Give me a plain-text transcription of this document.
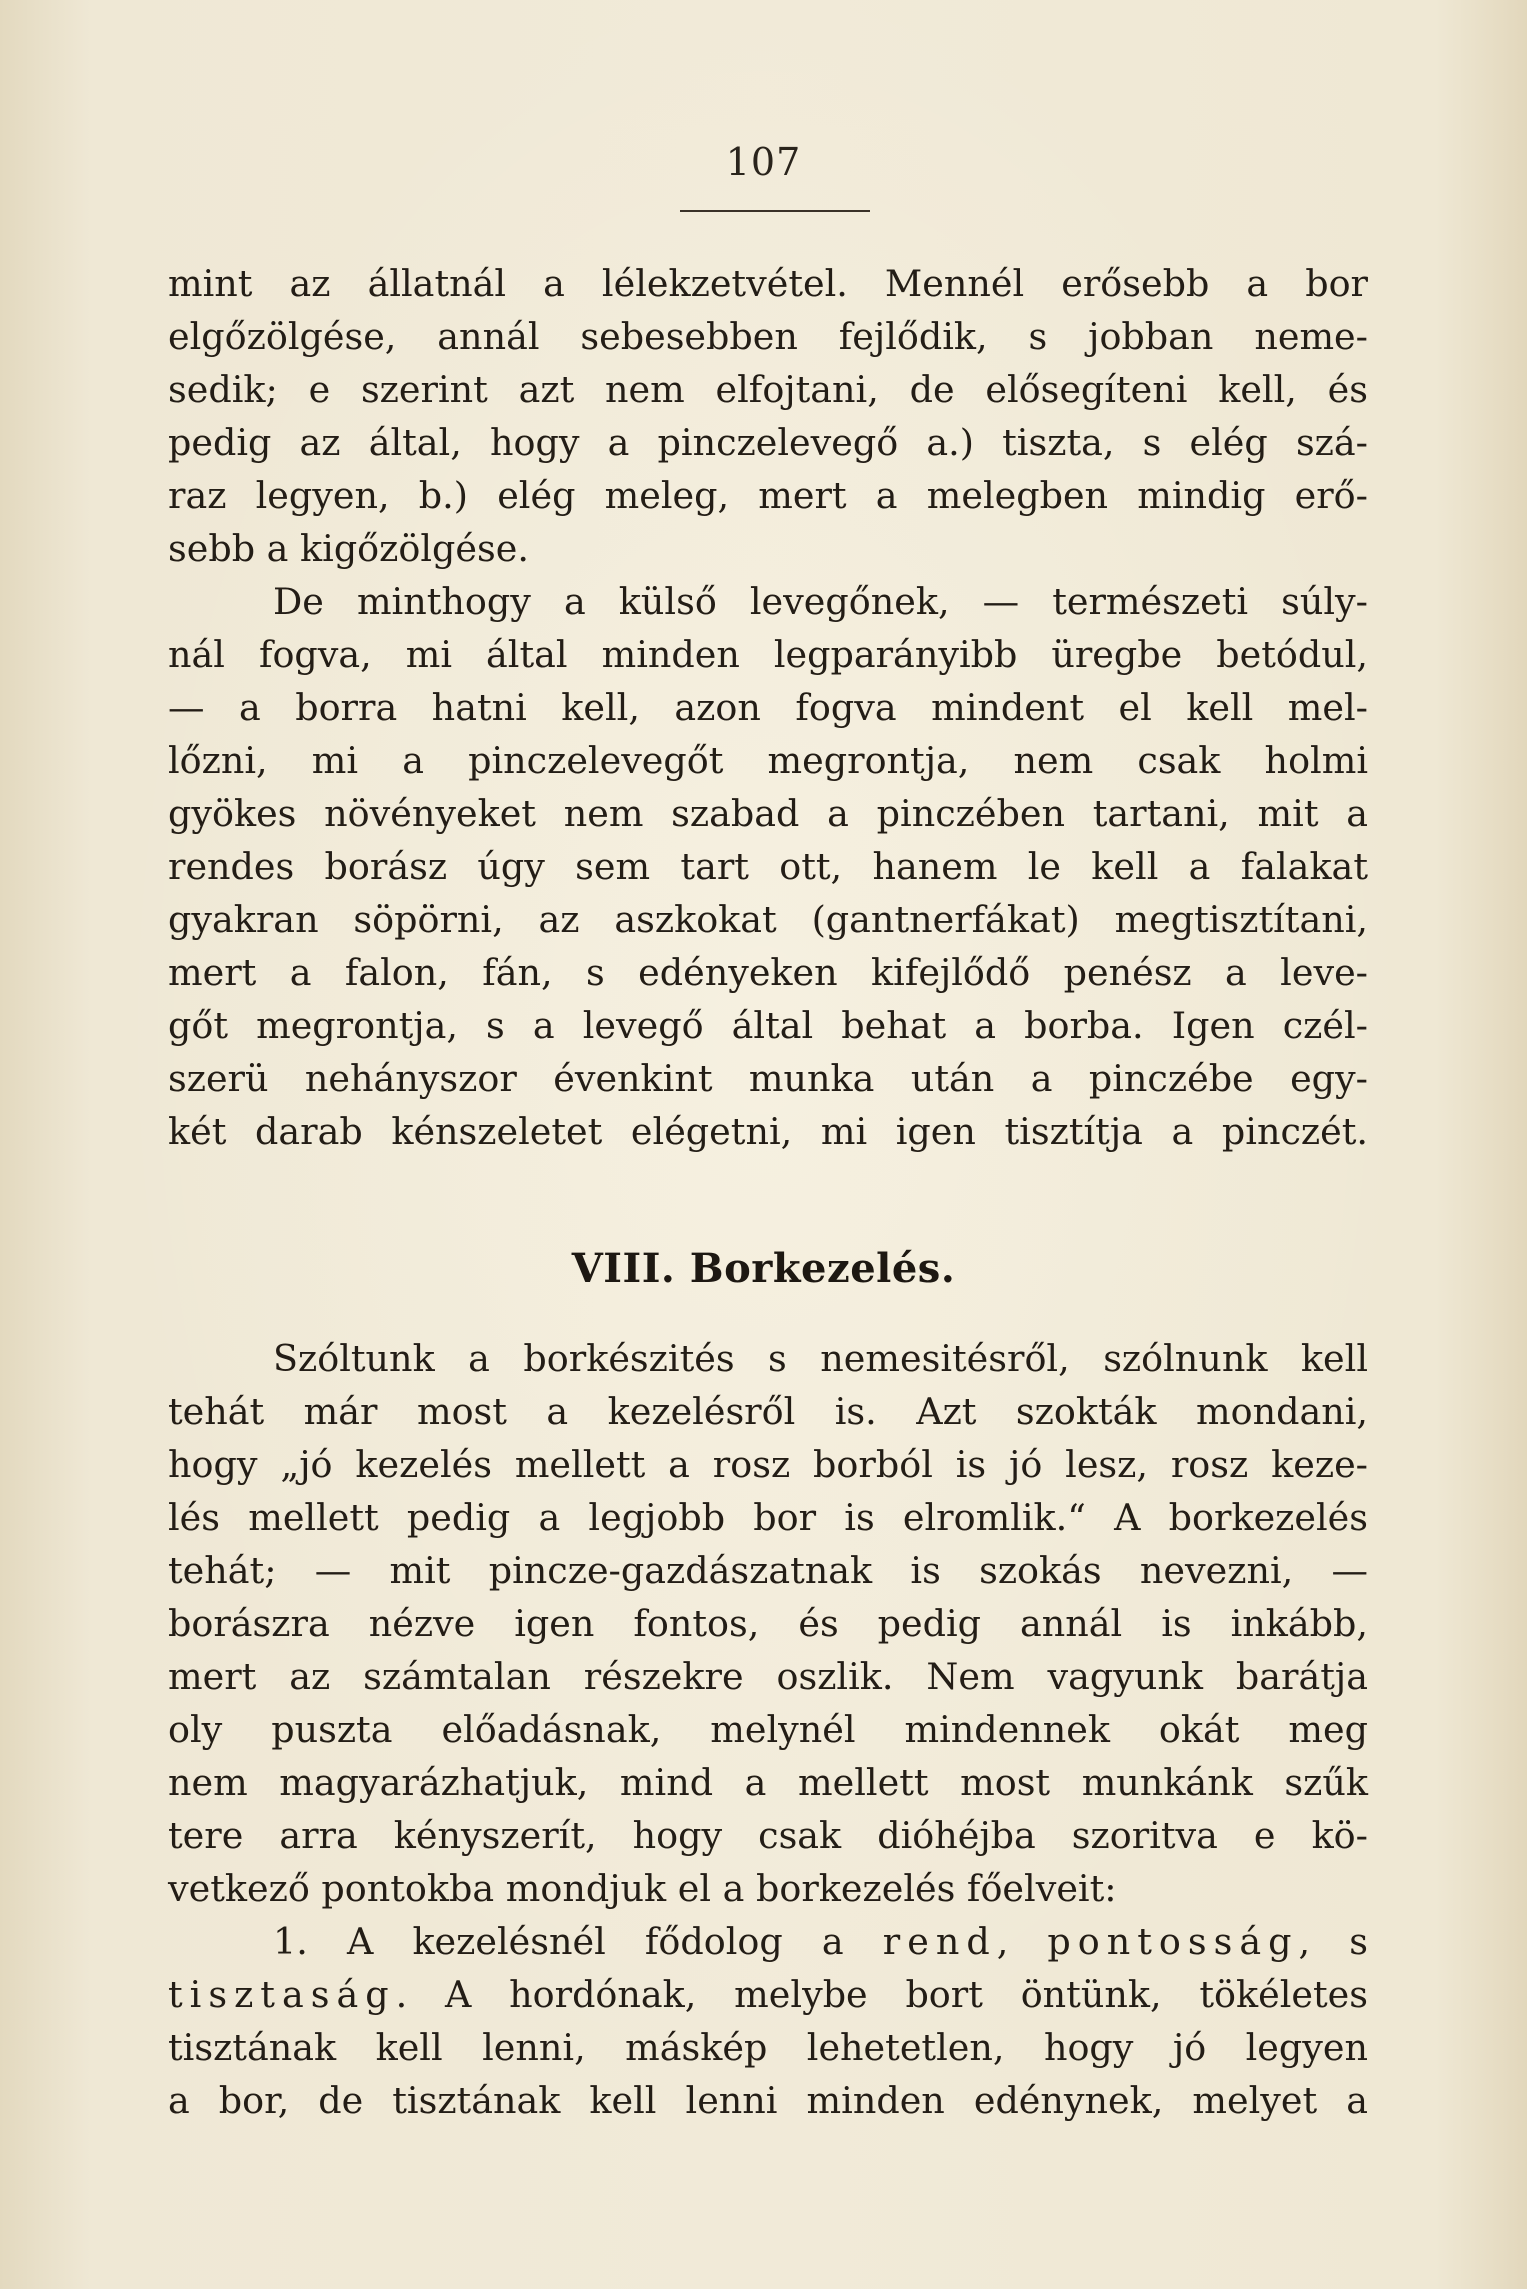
107
mint az állatnál a lélekzetvétel. Mennél erősebb a bor
elgőzölgése, annál sebesebben fejlődik, s jobban neme-
sedik; e szerint azt nem elfojtani, de elősegíteni kell, és
pedig az által, hogy a pinczelevegő a.) tiszta, s elég szá-
raz legyen, b.) elég meleg, mert a melegben mindig erő-
sebb a kigőzölgése.
De minthogy a külső levegőnek, — természeti súly-
nál fogva, mi által minden legparányibb üregbe betódul,
— a borra hatni kell, azon fogva mindent el kell mel-
lőzni, mi a pinczelevegőt megrontja, nem csak holmi
gyökes növényeket nem szabad a pinczében tartani, mit a
rendes borász úgy sem tart ott, hanem le kell a falakat
gyakran söpörni, az aszkokat (gantnerfákat) megtisztítani,
mert a falon, fán, s edényeken kifejlődő penész a leve-
gőt megrontja, s a levegő által behat a borba. Igen czél-
szerü nehányszor évenkint munka után a pinczébe egy-
két darab kénszeletet elégetni, mi igen tisztítja a pinczét.
VIII. Borkezelés.
Szóltunk a borkészités s nemesitésről, szólnunk kell
tehát már most a kezelésről is. Azt szokták mondani,
hogy „jó kezelés mellett a rosz borból is jó lesz, rosz keze-
lés mellett pedig a legjobb bor is elromlik.“ A borkezelés
tehát; — mit pincze-gazdászatnak is szokás nevezni, —
borászra nézve igen fontos, és pedig annál is inkább,
mert az számtalan részekre oszlik. Nem vagyunk barátja
oly puszta előadásnak, melynél mindennek okát meg
nem magyarázhatjuk, mind a mellett most munkánk szűk
tere arra kényszerít, hogy csak dióhéjba szoritva e kö-
vetkező pontokba mondjuk el a borkezelés főelveit:
1. A kezelésnél fődolog a rend, pontosság, s
tisztaság. A hordónak, melybe bort öntünk, tökéletes
tisztának kell lenni, máskép lehetetlen, hogy jó legyen
a bor, de tisztának kell lenni minden edénynek, melyet a
